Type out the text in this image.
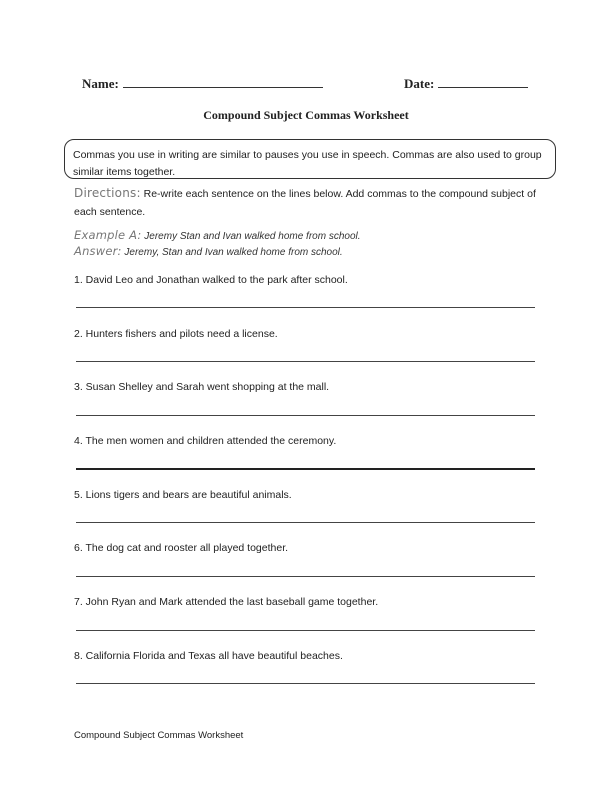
Name:	Date:
Compound Subject Commas Worksheet
Commas you use in writing are similar to pauses you use in speech. Commas are also used to group similar items together.
Directions: Re-write each sentence on the lines below. Add commas to the compound subject of each sentence.
Example A: Jeremy Stan and Ivan walked home from school.
Answer: Jeremy, Stan and Ivan walked home from school.
1. David Leo and Jonathan walked to the park after school.
2. Hunters fishers and pilots need a license.
3. Susan Shelley and Sarah went shopping at the mall.
4. The men women and children attended the ceremony.
5. Lions tigers and bears are beautiful animals.
6. The dog cat and rooster all played together.
7. John Ryan and Mark attended the last baseball game together.
8. California Florida and Texas all have beautiful beaches.
Compound Subject Commas Worksheet
